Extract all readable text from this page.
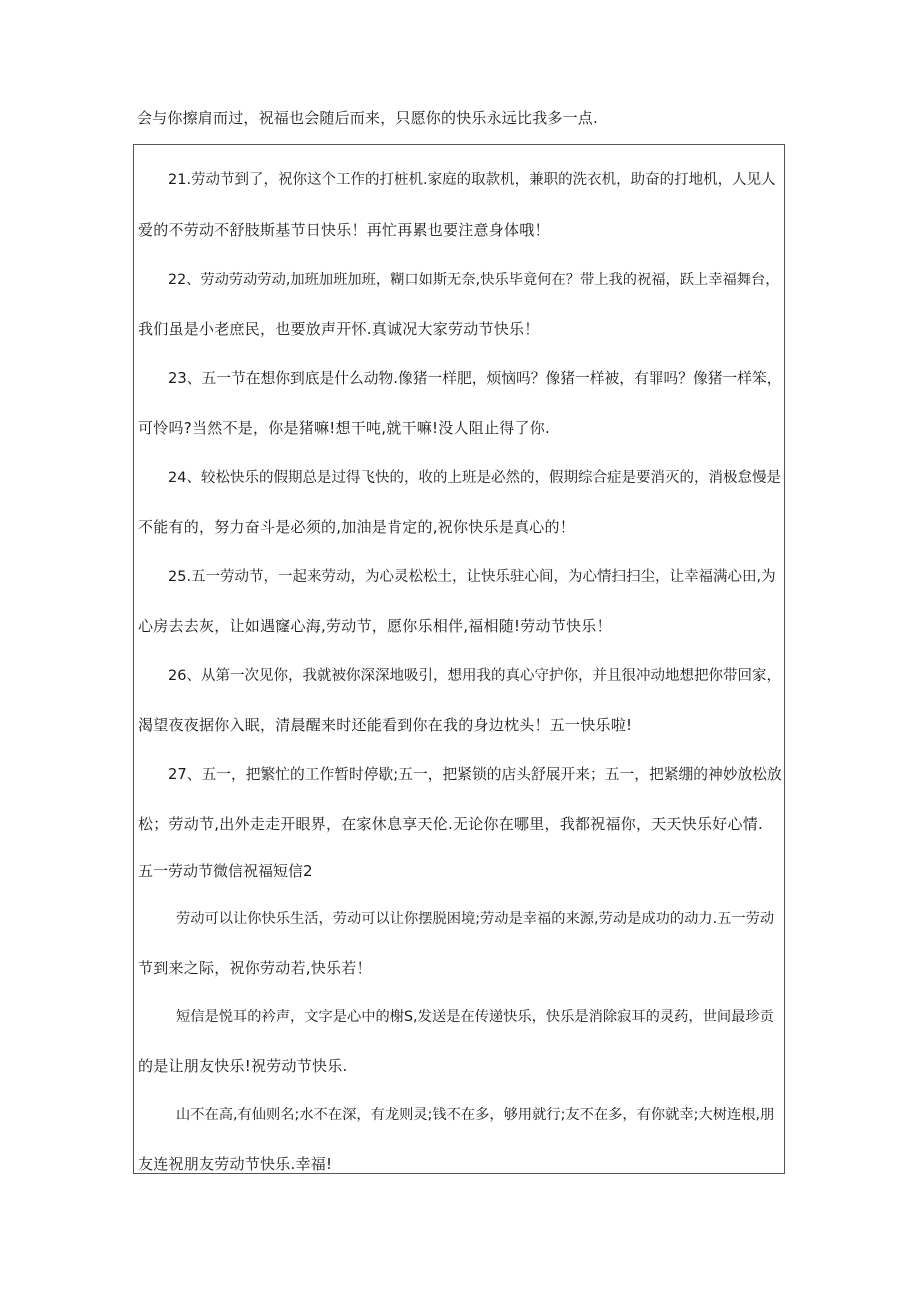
会与你擦肩而过，祝福也会随后而来，只愿你的快乐永远比我多一点.
21.劳动节到了，祝你这个工作的打桩机.家庭的取款机，兼职的洗衣机，助奋的打地机，人见人
爱的不劳动不舒肢斯基节日快乐！再忙再累也要注意身体哦！
22、劳动劳动劳动,加班加班加班，糊口如斯无奈,快乐毕竟何在？带上我的祝福，跃上幸福舞台，
我们虽是小老庶民，也要放声开怀.真诚况大家劳动节快乐！
23、五一节在想你到底是什么动物.像猪一样肥，烦恼吗？像猪一样被，有罪吗？像猪一样笨，
可怜吗?当然不是，你是猪嘛!想干吨,就干嘛!没人阻止得了你.
24、较松快乐的假期总是过得飞快的，收的上班是必然的，假期综合症是要消灭的，消极怠慢是
不能有的，努力奋斗是必须的,加油是肯定的,祝你快乐是真心的！
25.五一劳动节，一起来劳动，为心灵松松土，让快乐驻心间，为心情扫扫尘，让幸福满心田,为
心房去去灰，让如遇窿心海,劳动节，愿你乐相伴,福相随!劳动节快乐！
26、从第一次见你，我就被你深深地吸引，想用我的真心守护你，并且很冲动地想把你带回家，
渴望夜夜据你入眠，清晨醒来时还能看到你在我的身边枕头！五一快乐啦!
27、五一，把繁忙的工作暂时停歇;五一，把紧锁的店头舒展开来；五一，把紧绷的神妙放松放
松；劳动节,出外走走开眼界，在家休息享天伦.无论你在哪里，我都祝福你，天天快乐好心情.
五一劳动节微信祝福短信2
劳动可以让你快乐生活，劳动可以让你摆脱困境;劳动是幸福的来源,劳动是成功的动力.五一劳动
节到来之际，祝你劳动若,快乐若！
短信是悦耳的衿声，文字是心中的榭S,发送是在传递快乐，快乐是消除寂耳的灵药，世间最珍贡
的是让朋友快乐!祝劳动节快乐.
山不在高,有仙则名;水不在深，有龙则灵;钱不在多，够用就行;友不在多，有你就幸;大树连根,朋
友连祝朋友劳动节快乐.幸福!
